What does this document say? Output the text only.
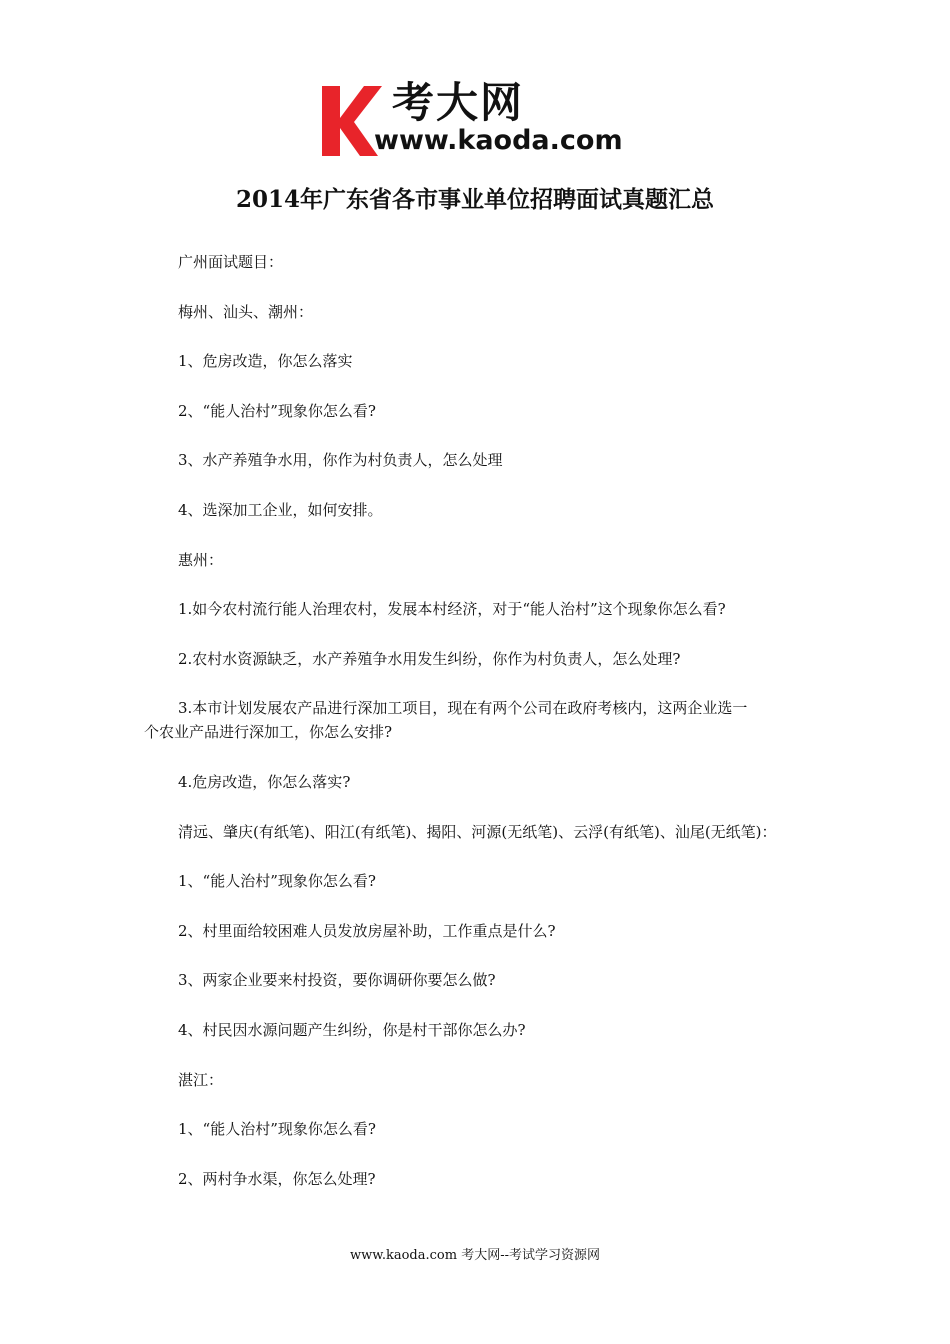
考大网
www.kaoda.com
2014年广东省各市事业单位招聘面试真题汇总

广州面试题目：

梅州、汕头、潮州：

1、危房改造，你怎么落实

2、“能人治村”现象你怎么看?

3、水产养殖争水用，你作为村负责人，怎么处理

4、选深加工企业，如何安排。

惠州：

1.如今农村流行能人治理农村，发展本村经济，对于“能人治村”这个现象你怎么看?

2.农村水资源缺乏，水产养殖争水用发生纠纷，你作为村负责人，怎么处理?

3.本市计划发展农产品进行深加工项目，现在有两个公司在政府考核内，这两企业选一
个农业产品进行深加工，你怎么安排?

4.危房改造，你怎么落实?

清远、肇庆(有纸笔)、阳江(有纸笔)、揭阳、河源(无纸笔)、云浮(有纸笔)、汕尾(无纸笔)：

1、“能人治村”现象你怎么看?

2、村里面给较困难人员发放房屋补助，工作重点是什么?

3、两家企业要来村投资，要你调研你要怎么做?

4、村民因水源问题产生纠纷，你是村干部你怎么办?

湛江：

1、“能人治村”现象你怎么看?

2、两村争水渠，你怎么处理?

www.kaoda.com 考大网--考试学习资源网
